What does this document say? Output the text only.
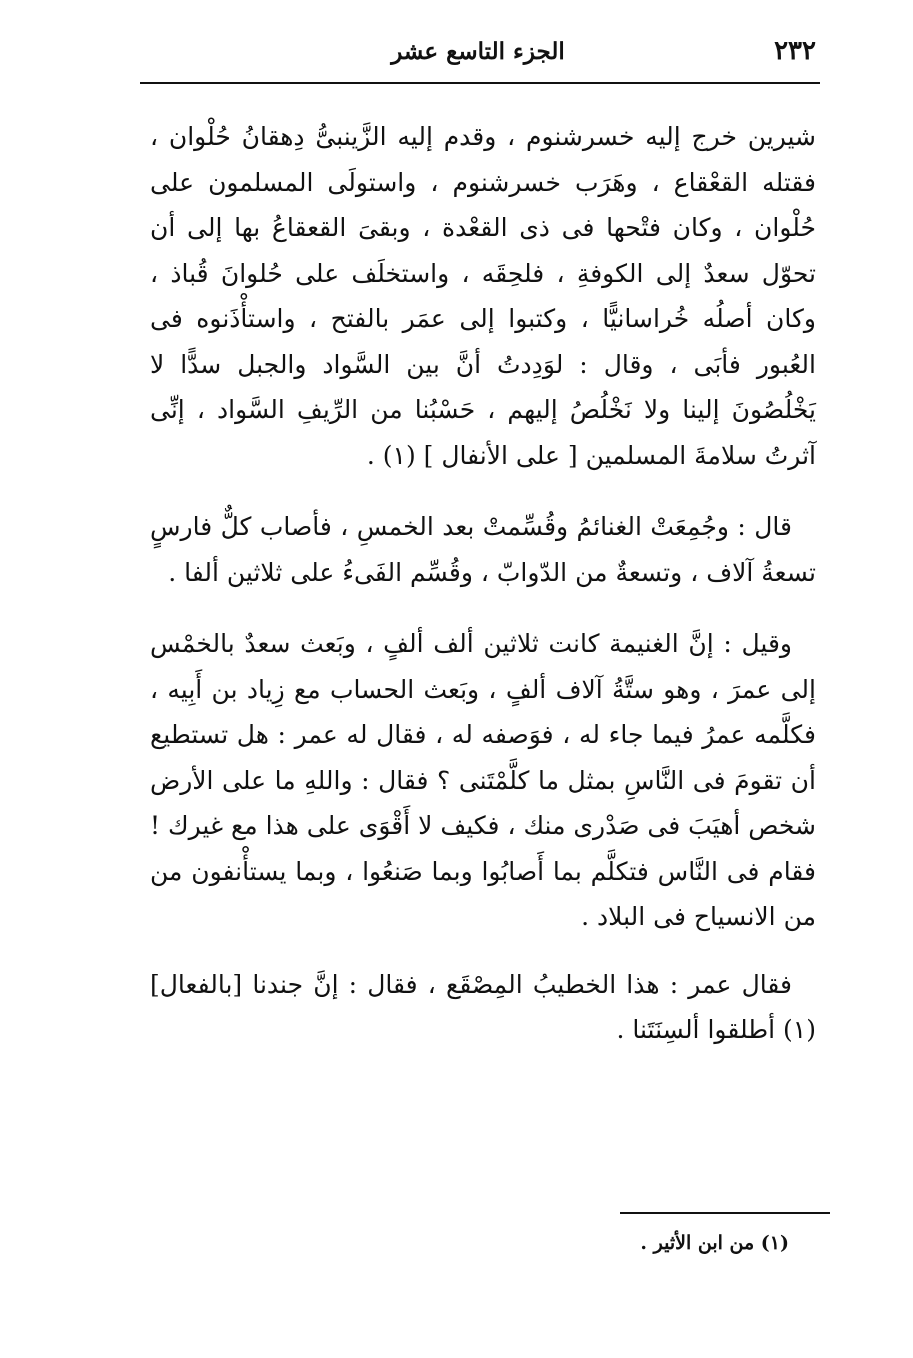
٢٣٢
الجزء التاسع عشر

شيرين خرج إليه خسرشنوم ، وقدم إليه الزَّينبىُّ دِهقانُ حُلْوان ، فقتله القعْقاع ، وهَرَب خسرشنوم ، واستولَى المسلمون على حُلْوان ، وكان فتْحها فى ذى القعْدة ، وبقىَ القعقاعُ بها إلى أن تحوّل سعدٌ إلى الكوفةِ ، فلحِقَه ، واستخلَف على حُلوانَ قُباذ ، وكان أصلُه خُراسانيًّا ، وكتبوا إلى عمَر بالفتح ، واستأْذَنوه فى العُبور فأبَى ، وقال : لوَدِدتُ أنَّ بين السَّواد والجبل سدًّا لا يَخْلُصُونَ إلينا ولا نَخْلُصُ إليهم ، حَسْبُنا من الرِّيفِ السَّواد ، إنِّى آثرتُ سلامةَ المسلمين [ على الأنفال ] (١) .

قال : وجُمِعَتْ الغنائمُ وقُسِّمتْ بعد الخمسِ ، فأصاب كلٌّ فارسٍ تسعةُ آلاف ، وتسعةٌ من الدّوابّ ، وقُسِّم الفَىءُ على ثلاثين ألفا .

وقيل : إنَّ الغنيمة كانت ثلاثين ألف ألفٍ ، وبَعث سعدٌ بالخمْس إلى عمرَ ، وهو ستَّةُ آلاف ألفٍ ، وبَعث الحساب مع زِياد بن أَبِيه ، فكلَّمه عمرُ فيما جاء له ، فوَصفه له ، فقال له عمر : هل تستطيع أن تقومَ فى النَّاسِ بمثل ما كلَّمْتَنى ؟ فقال : واللهِ ما على الأرض شخص أهيَبَ فى صَدْرى منك ، فكيف لا أَقْوَى على هذا مع غيرك ! فقام فى النَّاس فتكلَّم بما أَصابُوا وبما صَنعُوا ، وبما يستأْنفون من من الانسياح فى البلاد .

فقال عمر : هذا الخطيبُ المِصْقَع ، فقال : إنَّ جندنا [بالفعال] (١) أطلقوا ألسِنَتَنا .

(١) من ابن الأثير .
